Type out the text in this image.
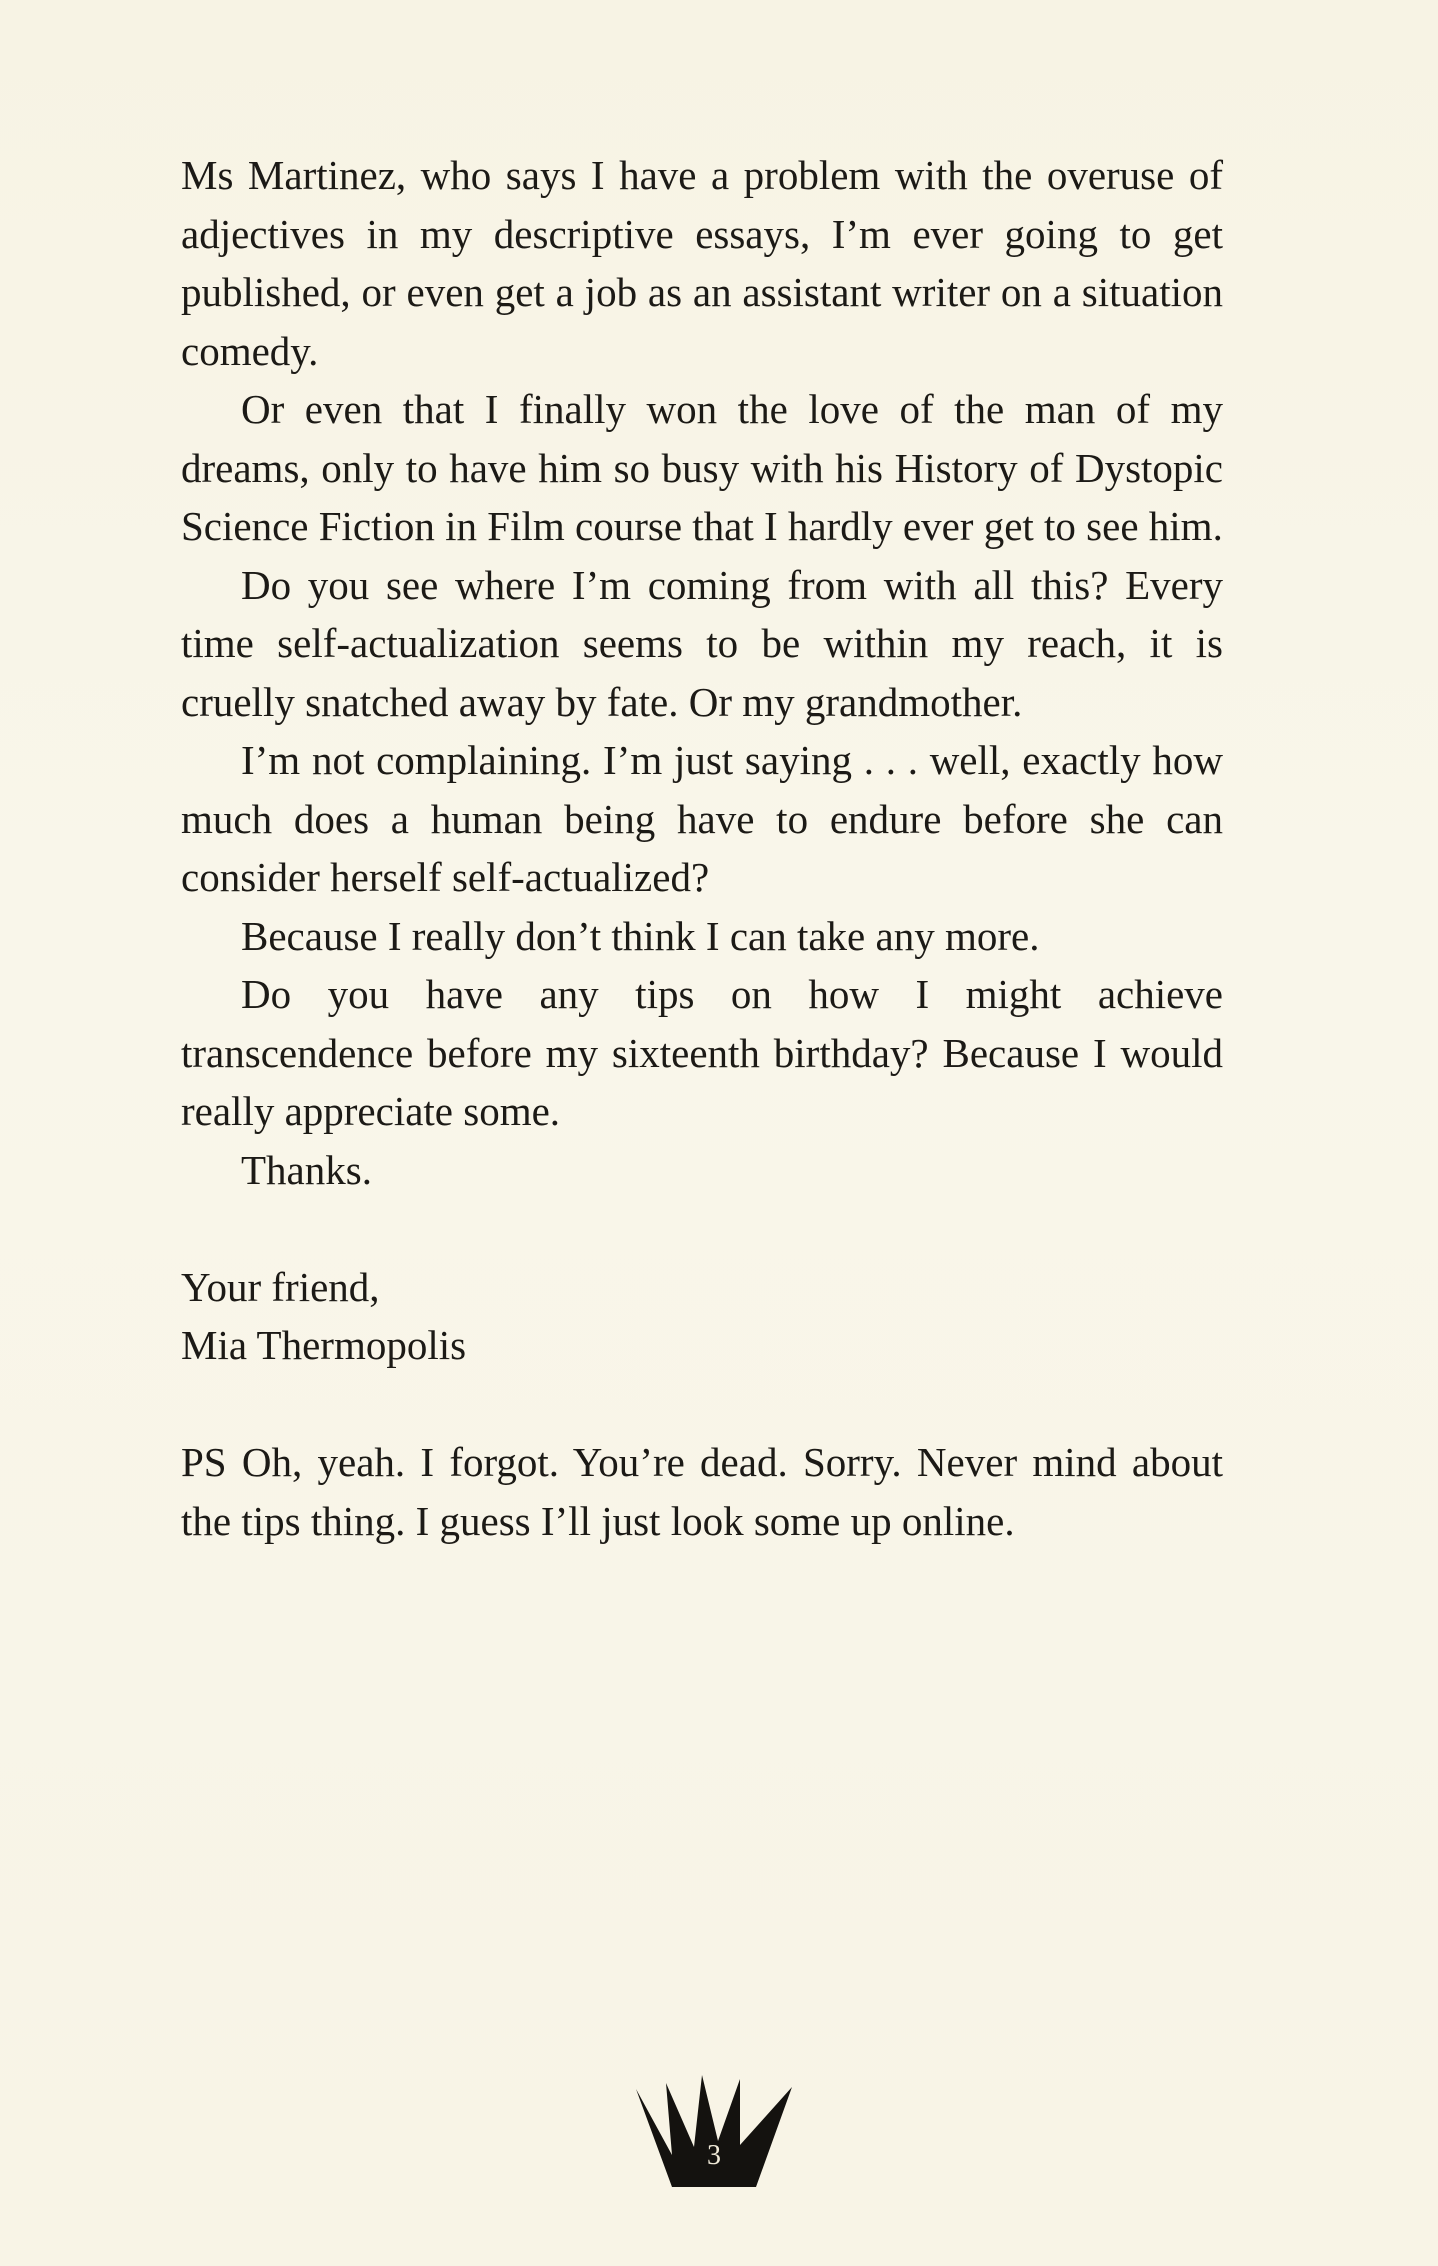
Ms Martinez, who says I have a problem with the overuse of adjectives in my descriptive essays, I’m ever going to get published, or even get a job as an assistant writer on a situation comedy.

Or even that I finally won the love of the man of my dreams, only to have him so busy with his History of Dystopic Science Fiction in Film course that I hardly ever get to see him.

Do you see where I’m coming from with all this? Every time self-actualization seems to be within my reach, it is cruelly snatched away by fate. Or my grandmother.

I’m not complaining. I’m just saying . . . well, exactly how much does a human being have to endure before she can consider herself self-actualized?

Because I really don’t think I can take any more.

Do you have any tips on how I might achieve transcendence before my sixteenth birthday? Because I would really appreciate some.

Thanks.

Your friend,

Mia Thermopolis

PS Oh, yeah. I forgot. You’re dead. Sorry. Never mind about the tips thing. I guess I’ll just look some up online.

3
